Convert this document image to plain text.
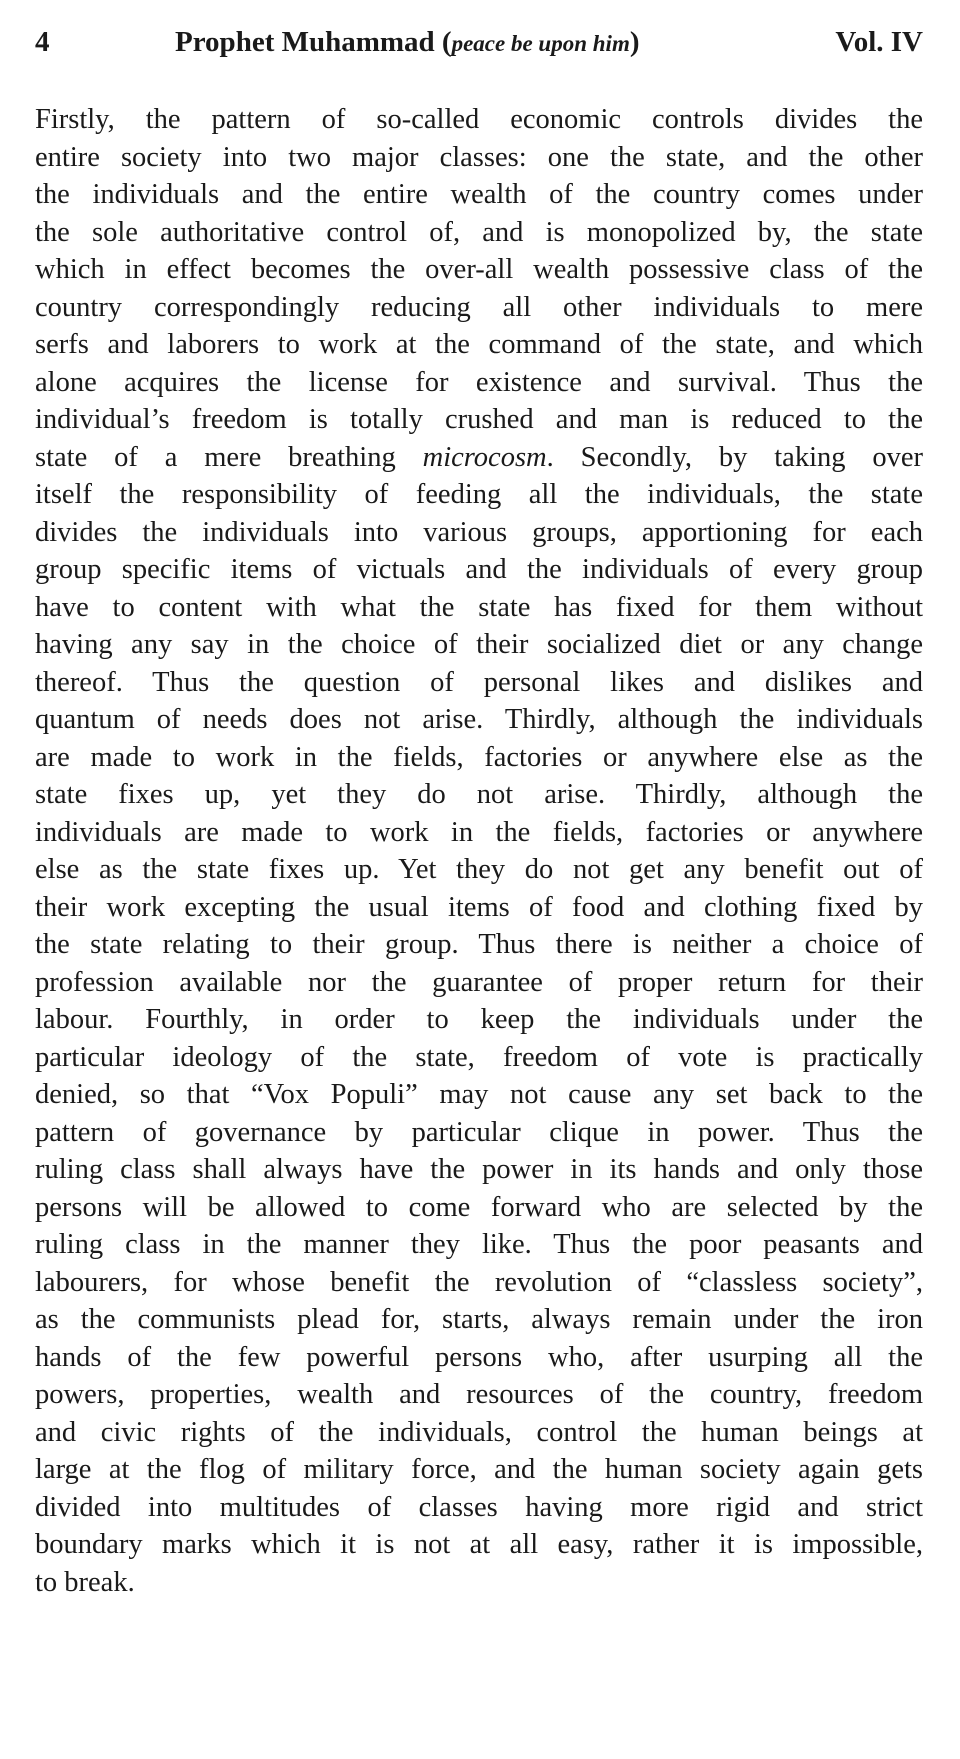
4	Prophet Muhammad (peace be upon him)	Vol. IV
Firstly, the pattern of so-called economic controls divides the
entire society into two major classes: one the state, and the other
the individuals and the entire wealth of the country comes under
the sole authoritative control of, and is monopolized by, the state
which in effect becomes the over-all wealth possessive class of the
country correspondingly reducing all other individuals to mere
serfs and laborers to work at the command of the state, and which
alone acquires the license for existence and survival. Thus the
individual’s freedom is totally crushed and man is reduced to the
state of a mere breathing microcosm. Secondly, by taking over
itself the responsibility of feeding all the individuals, the state
divides the individuals into various groups, apportioning for each
group specific items of victuals and the individuals of every group
have to content with what the state has fixed for them without
having any say in the choice of their socialized diet or any change
thereof. Thus the question of personal likes and dislikes and
quantum of needs does not arise. Thirdly, although the individuals
are made to work in the fields, factories or anywhere else as the
state fixes up, yet they do not arise. Thirdly, although the
individuals are made to work in the fields, factories or anywhere
else as the state fixes up. Yet they do not get any benefit out of
their work excepting the usual items of food and clothing fixed by
the state relating to their group. Thus there is neither a choice of
profession available nor the guarantee of proper return for their
labour. Fourthly, in order to keep the individuals under the
particular ideology of the state, freedom of vote is practically
denied, so that “Vox Populi” may not cause any set back to the
pattern of governance by particular clique in power. Thus the
ruling class shall always have the power in its hands and only those
persons will be allowed to come forward who are selected by the
ruling class in the manner they like. Thus the poor peasants and
labourers, for whose benefit the revolution of “classless society”,
as the communists plead for, starts, always remain under the iron
hands of the few powerful persons who, after usurping all the
powers, properties, wealth and resources of the country, freedom
and civic rights of the individuals, control the human beings at
large at the flog of military force, and the human society again gets
divided into multitudes of classes having more rigid and strict
boundary marks which it is not at all easy, rather it is impossible,
to break.
